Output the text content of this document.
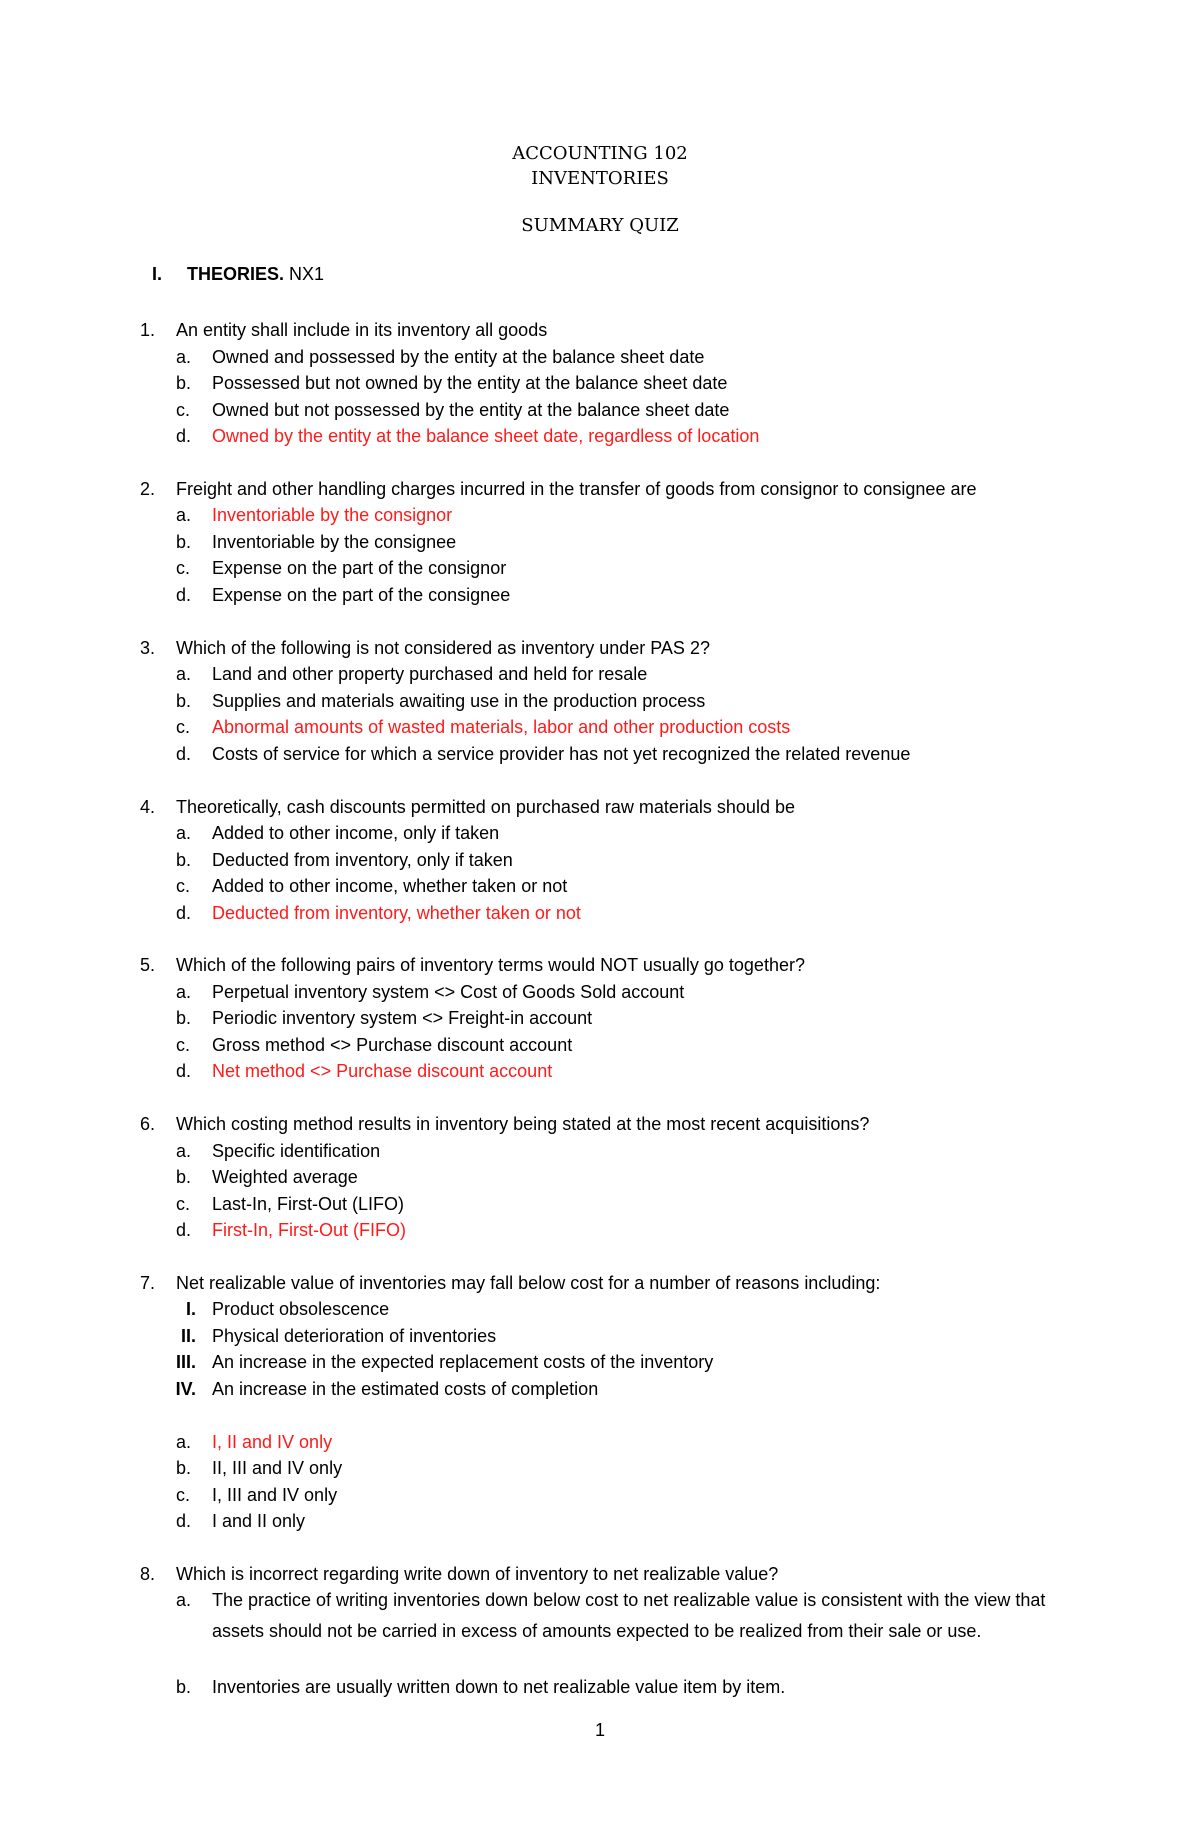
ACCOUNTING 102
INVENTORIES
SUMMARY QUIZ
I. THEORIES. NX1
1. An entity shall include in its inventory all goods
a. Owned and possessed by the entity at the balance sheet date
b. Possessed but not owned by the entity at the balance sheet date
c.	Owned but not possessed by the entity at the balance sheet date
d. Owned by the entity at the balance sheet date, regardless of location
2. Freight and other handling charges incurred in the transfer of goods from consignor to consignee are
a. Inventoriable by the consignor
b. Inventoriable by the consignee
c.	Expense on the part of the consignor
d. Expense on the part of the consignee
3. Which of the following is not considered as inventory under PAS 2?
a. Land and other property purchased and held for resale
b. Supplies and materials awaiting use in the production process
c.	Abnormal amounts of wasted materials, labor and other production costs
d. Costs of service for which a service provider has not yet recognized the related revenue
4. Theoretically, cash discounts permitted on purchased raw materials should be
a. Added to other income, only if taken
b. Deducted from inventory, only if taken
c.	Added to other income, whether taken or not
d. Deducted from inventory, whether taken or not
5. Which of the following pairs of inventory terms would NOT usually go together?
a. Perpetual inventory system <> Cost of Goods Sold account
b. Periodic inventory system <> Freight-in account
c.	Gross method <> Purchase discount account
d. Net method <> Purchase discount account
6. Which costing method results in inventory being stated at the most recent acquisitions?
a. Specific identification
b. Weighted average
c.	Last-In, First-Out (LIFO)
d. First-In, First-Out (FIFO)
7. Net realizable value of inventories may fall below cost for a number of reasons including:
I. Product obsolescence
II. Physical deterioration of inventories
III. An increase in the expected replacement costs of the inventory
IV. An increase in the estimated costs of completion
a. I, II and IV only
b. II, III and IV only
c.	I, III and IV only
d. I and II only
8. Which is incorrect regarding write down of inventory to net realizable value?
a. The practice of writing inventories down below cost to net realizable value is consistent with the view that assets should not be carried in excess of amounts expected to be realized from their sale or use.
b. Inventories are usually written down to net realizable value item by item.
1
